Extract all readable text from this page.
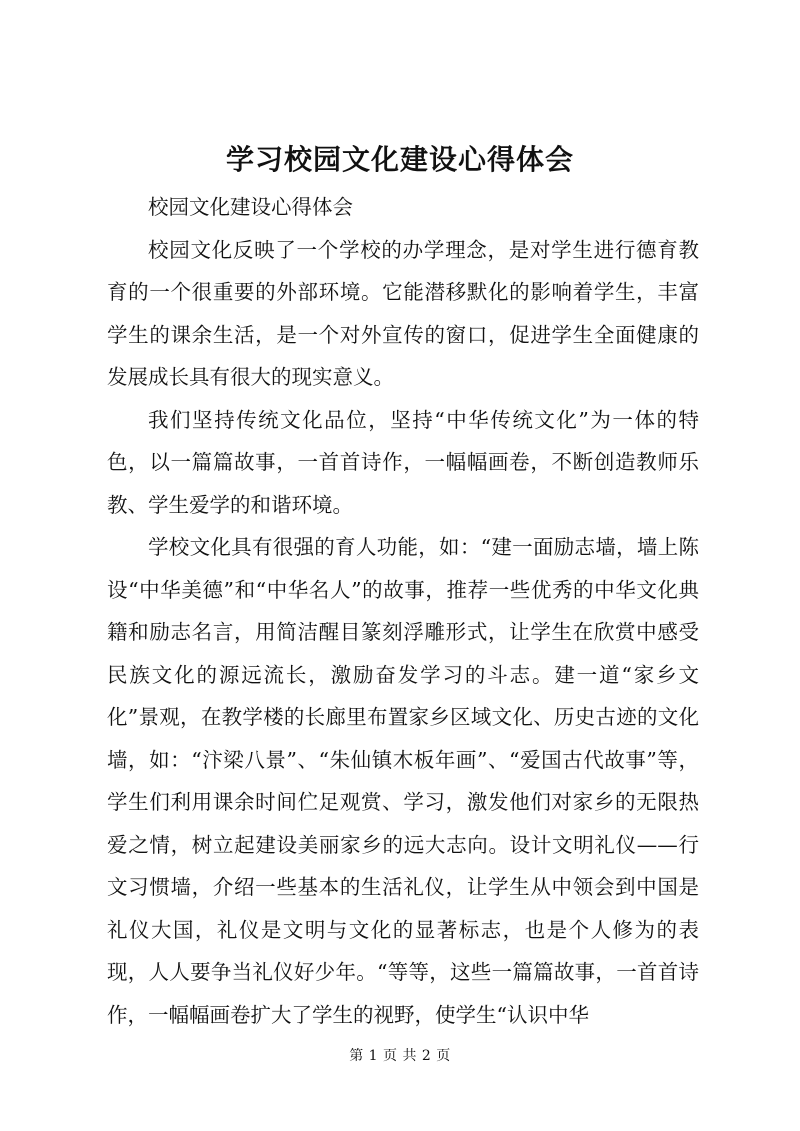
学习校园文化建设心得体会

校园文化建设心得体会

校园文化反映了一个学校的办学理念，是对学生进行德育教育的一个很重要的外部环境。它能潜移默化的影响着学生，丰富学生的课余生活，是一个对外宣传的窗口，促进学生全面健康的发展成长具有很大的现实意义。

我们坚持传统文化品位，坚持“中华传统文化”为一体的特色，以一篇篇故事，一首首诗作，一幅幅画卷，不断创造教师乐教、学生爱学的和谐环境。

学校文化具有很强的育人功能，如：“建一面励志墙，墙上陈设“中华美德”和“中华名人”的故事，推荐一些优秀的中华文化典籍和励志名言，用简洁醒目篆刻浮雕形式，让学生在欣赏中感受民族文化的源远流长，激励奋发学习的斗志。建一道“家乡文化”景观，在教学楼的长廊里布置家乡区域文化、历史古迹的文化墙，如：“汴梁八景”、“朱仙镇木板年画”、“爱国古代故事”等，学生们利用课余时间伫足观赏、学习，激发他们对家乡的无限热爱之情，树立起建设美丽家乡的远大志向。设计文明礼仪——行文习惯墙，介绍一些基本的生活礼仪，让学生从中领会到中国是礼仪大国，礼仪是文明与文化的显著标志，也是个人修为的表现，人人要争当礼仪好少年。“等等，这些一篇篇故事，一首首诗作，一幅幅画卷扩大了学生的视野，使学生“认识中华

第 1 页 共 2 页
